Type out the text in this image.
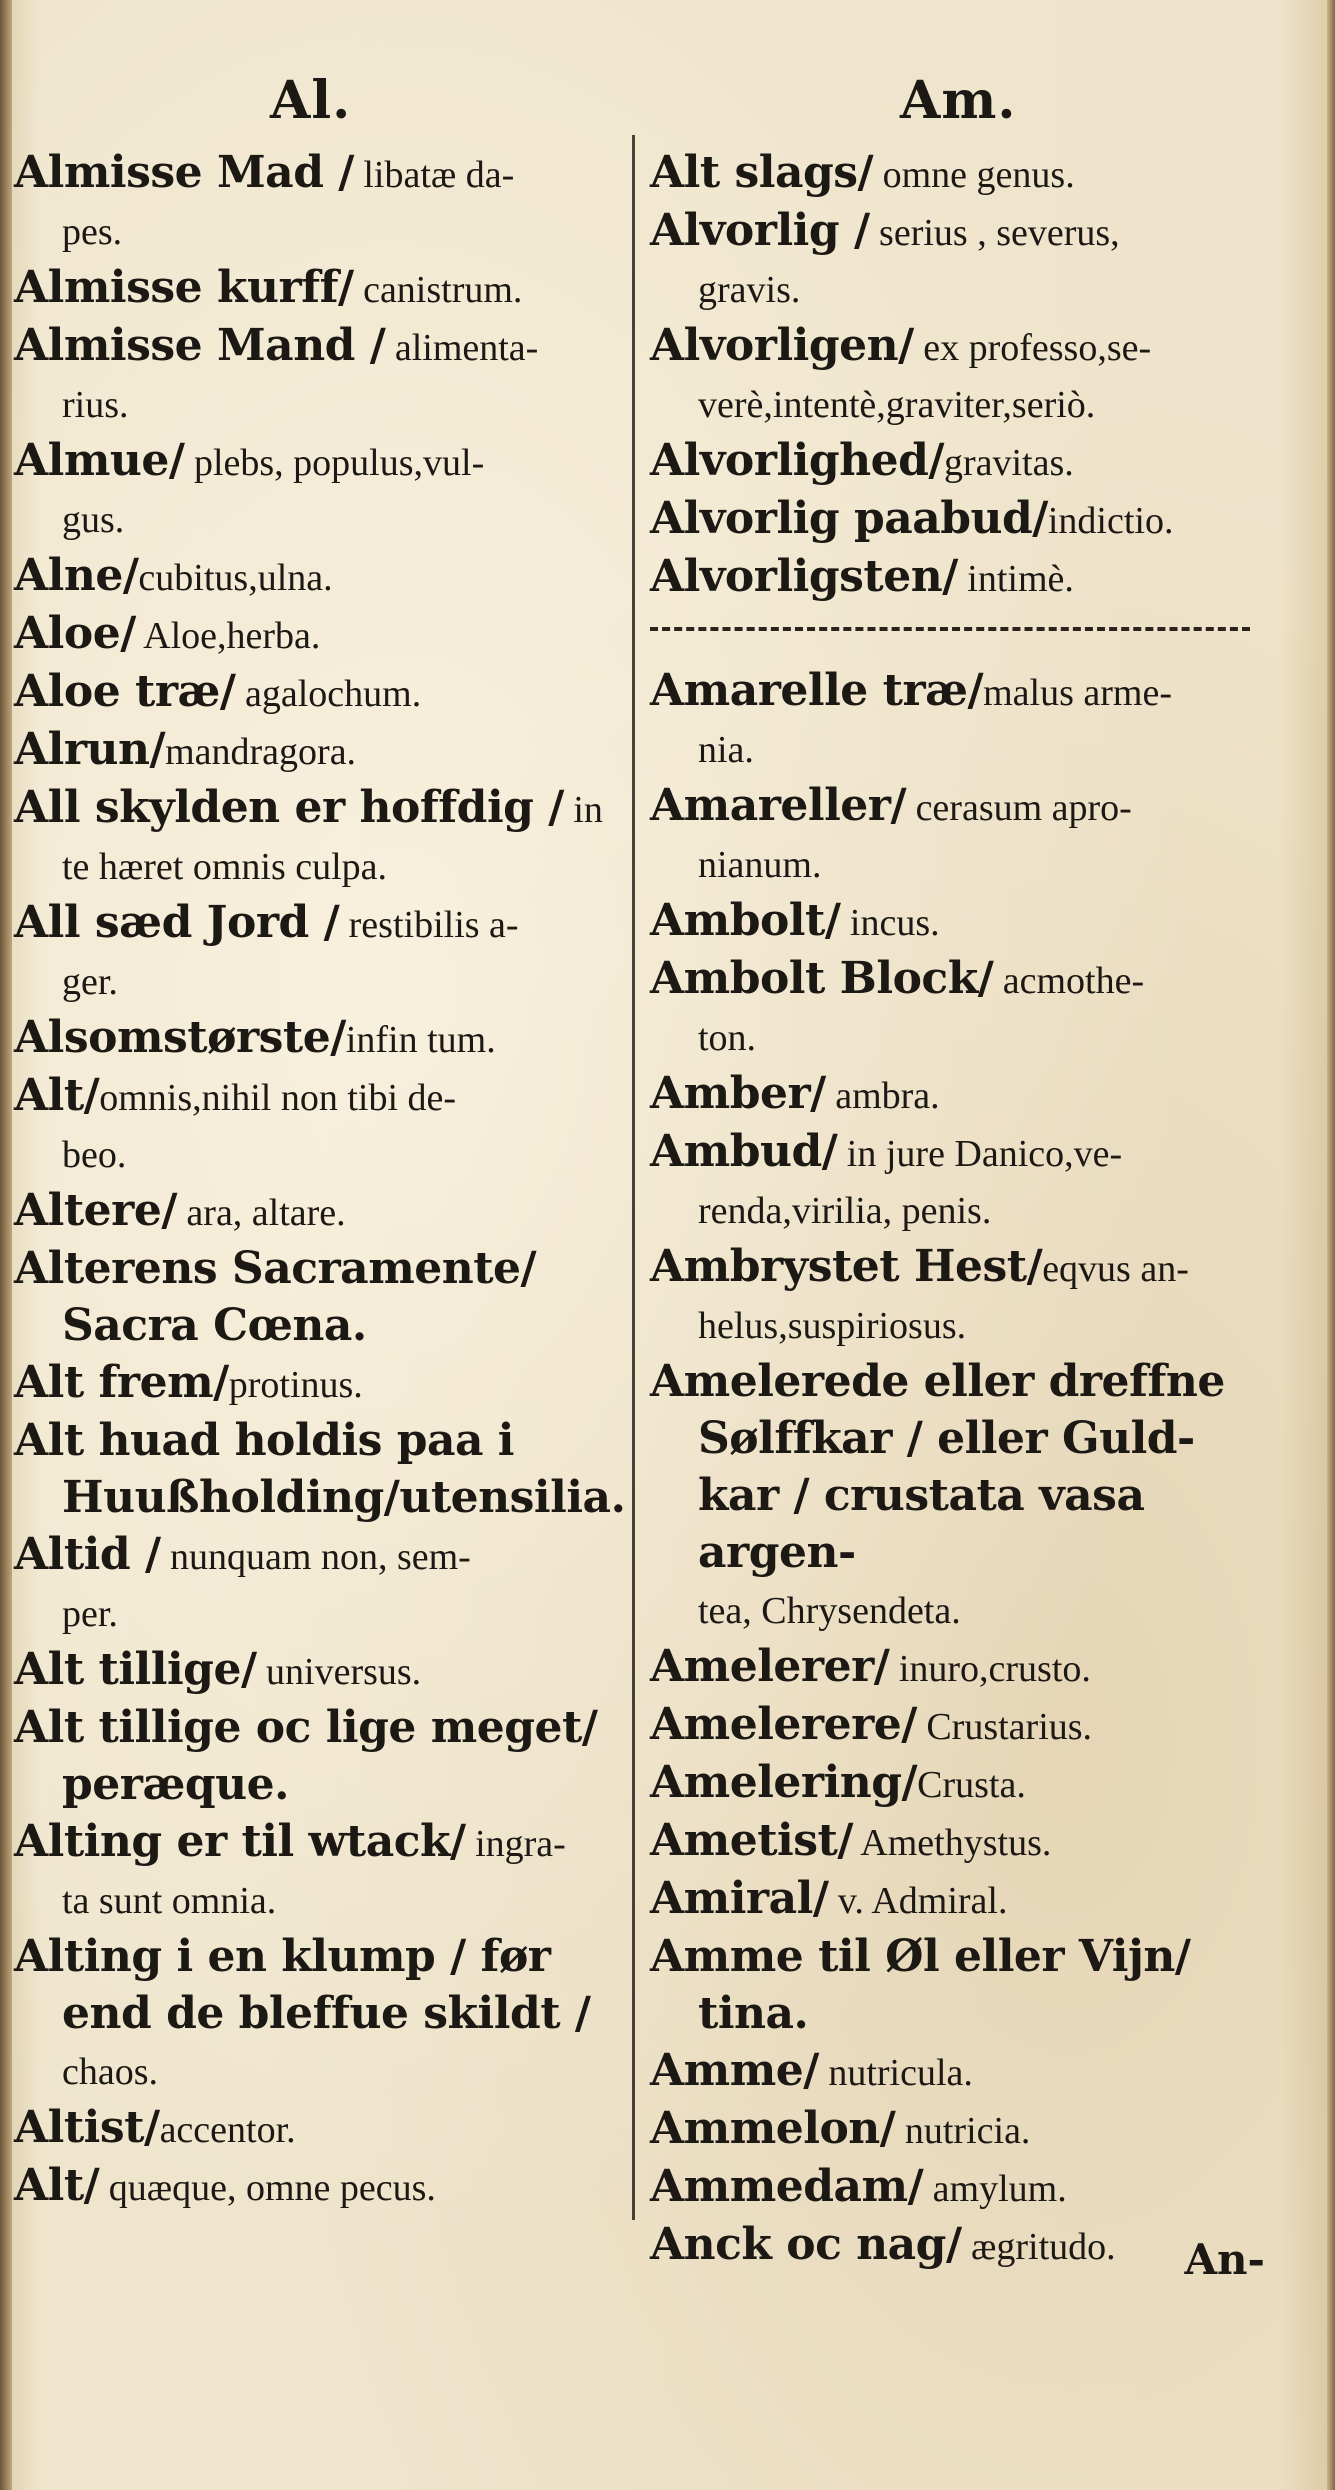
Al.	Am.
Almisse Mad / libatæ da-
pes.
Almisse kurff/ canistrum.
Almisse Mand / alimenta-
rius.
Almue/ plebs, populus,vul-
gus.
Alne/cubitus,ulna.
Aloe/ Aloe,herba.
Aloe træ/ agalochum.
Alrun/mandragora.
All skylden er hoffdig / in
te hæret omnis culpa.
All sæd Jord / restibilis a-
ger.
Alsomstørste/infin tum.
Alt/omnis,nihil non tibi de-
beo.
Altere/ ara, altare.
Alterens Sacramente/
Sacra Cœna.
Alt frem/protinus.
Alt huad holdis paa i
Huußholding/utensilia.
Altid / nunquam non, sem-
per.
Alt tillige/ universus.
Alt tillige oc lige meget/
peræque.
Alting er til wtack/ ingra-
ta sunt omnia.
Alting i en klump / før
end de bleffue skildt /
chaos.
Altist/accentor.
Alt/ quæque, omne pecus.
Alt slags/ omne genus.
Alvorlig / serius , severus,
gravis.
Alvorligen/ ex professo,se-
verè,intentè,graviter,seriò.
Alvorlighed/gravitas.
Alvorlig paabud/indictio.
Alvorligsten/ intimè.
Amarelle træ/malus arme-
nia.
Amareller/ cerasum apro-
nianum.
Ambolt/ incus.
Ambolt Block/ acmothe-
ton.
Amber/ ambra.
Ambud/ in jure Danico,ve-
renda,virilia, penis.
Ambrystet Hest/eqvus an-
helus,suspiriosus.
Amelerede eller dreffne
Sølffkar / eller Guld-
kar / crustata vasa argen-
tea, Chrysendeta.
Amelerer/ inuro,crusto.
Amelerere/ Crustarius.
Amelering/Crusta.
Ametist/ Amethystus.
Amiral/ v. Admiral.
Amme til Øl eller Vijn/
tina.
Amme/ nutricula.
Ammelon/ nutricia.
Ammedam/ amylum.
Anck oc nag/ ægritudo.	An-
